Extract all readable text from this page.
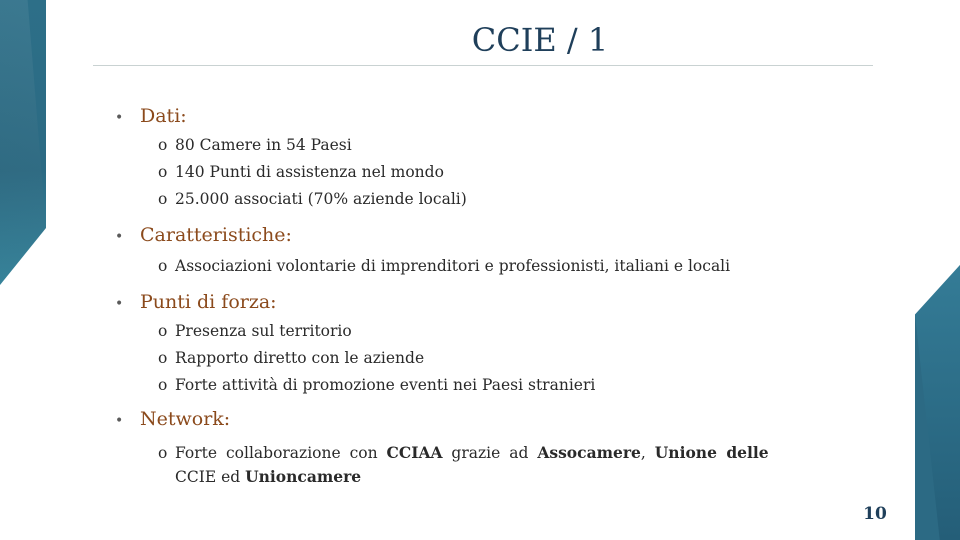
CCIE / 1
• Dati:
o 80 Camere in 54 Paesi
o 140 Punti di assistenza nel mondo
o 25.000 associati (70% aziende locali)
• Caratteristiche:
o Associazioni volontarie di imprenditori e professionisti, italiani e locali
• Punti di forza:
o Presenza sul territorio
o Rapporto diretto con le aziende
o Forte attività di promozione eventi nei Paesi stranieri
• Network:
o Forte collaborazione con CCIAA grazie ad Assocamere, Unione delle
CCIE ed Unioncamere
10
